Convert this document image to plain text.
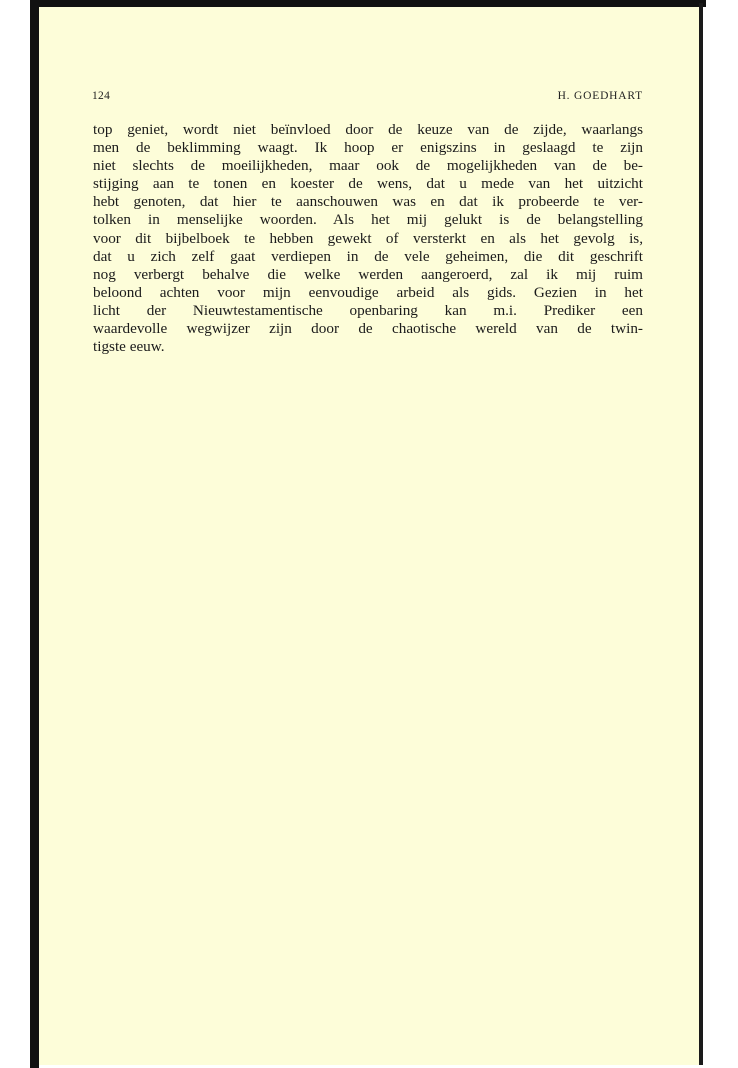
124	H. GOEDHART
top geniet, wordt niet beïnvloed door de keuze van de zijde, waarlangs
men de beklimming waagt. Ik hoop er enigszins in geslaagd te zijn
niet slechts de moeilijkheden, maar ook de mogelijkheden van de be-
stijging aan te tonen en koester de wens, dat u mede van het uitzicht
hebt genoten, dat hier te aanschouwen was en dat ik probeerde te ver-
tolken in menselijke woorden. Als het mij gelukt is de belangstelling
voor dit bijbelboek te hebben gewekt of versterkt en als het gevolg is,
dat u zich zelf gaat verdiepen in de vele geheimen, die dit geschrift
nog verbergt behalve die welke werden aangeroerd, zal ik mij ruim
beloond achten voor mijn eenvoudige arbeid als gids. Gezien in het
licht der Nieuwtestamentische openbaring kan m.i. Prediker een
waardevolle wegwijzer zijn door de chaotische wereld van de twin-
tigste eeuw.
